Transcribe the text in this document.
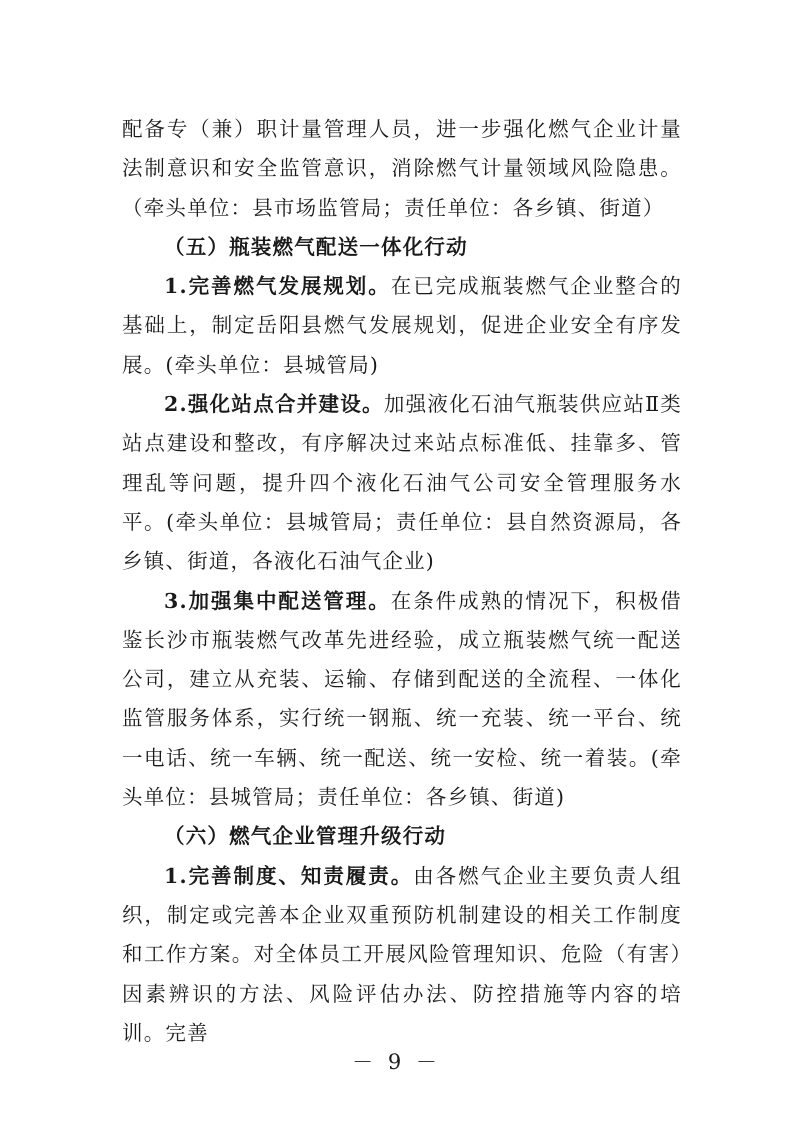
配备专（兼）职计量管理人员，进一步强化燃气企业计量法制意识和安全监管意识，消除燃气计量领域风险隐患。（牵头单位：县市场监管局；责任单位：各乡镇、街道）

（五）瓶装燃气配送一体化行动

1.完善燃气发展规划。在已完成瓶装燃气企业整合的基础上，制定岳阳县燃气发展规划，促进企业安全有序发展。(牵头单位：县城管局)

2.强化站点合并建设。加强液化石油气瓶装供应站Ⅱ类站点建设和整改，有序解决过来站点标准低、挂靠多、管理乱等问题，提升四个液化石油气公司安全管理服务水平。(牵头单位：县城管局；责任单位：县自然资源局，各乡镇、街道，各液化石油气企业)

3.加强集中配送管理。在条件成熟的情况下，积极借鉴长沙市瓶装燃气改革先进经验，成立瓶装燃气统一配送公司，建立从充装、运输、存储到配送的全流程、一体化监管服务体系，实行统一钢瓶、统一充装、统一平台、统一电话、统一车辆、统一配送、统一安检、统一着装。(牵头单位：县城管局；责任单位：各乡镇、街道)

（六）燃气企业管理升级行动

1.完善制度、知责履责。由各燃气企业主要负责人组织，制定或完善本企业双重预防机制建设的相关工作制度和工作方案。对全体员工开展风险管理知识、危险（有害）因素辨识的方法、风险评估办法、防控措施等内容的培训。完善

－ 9 －
